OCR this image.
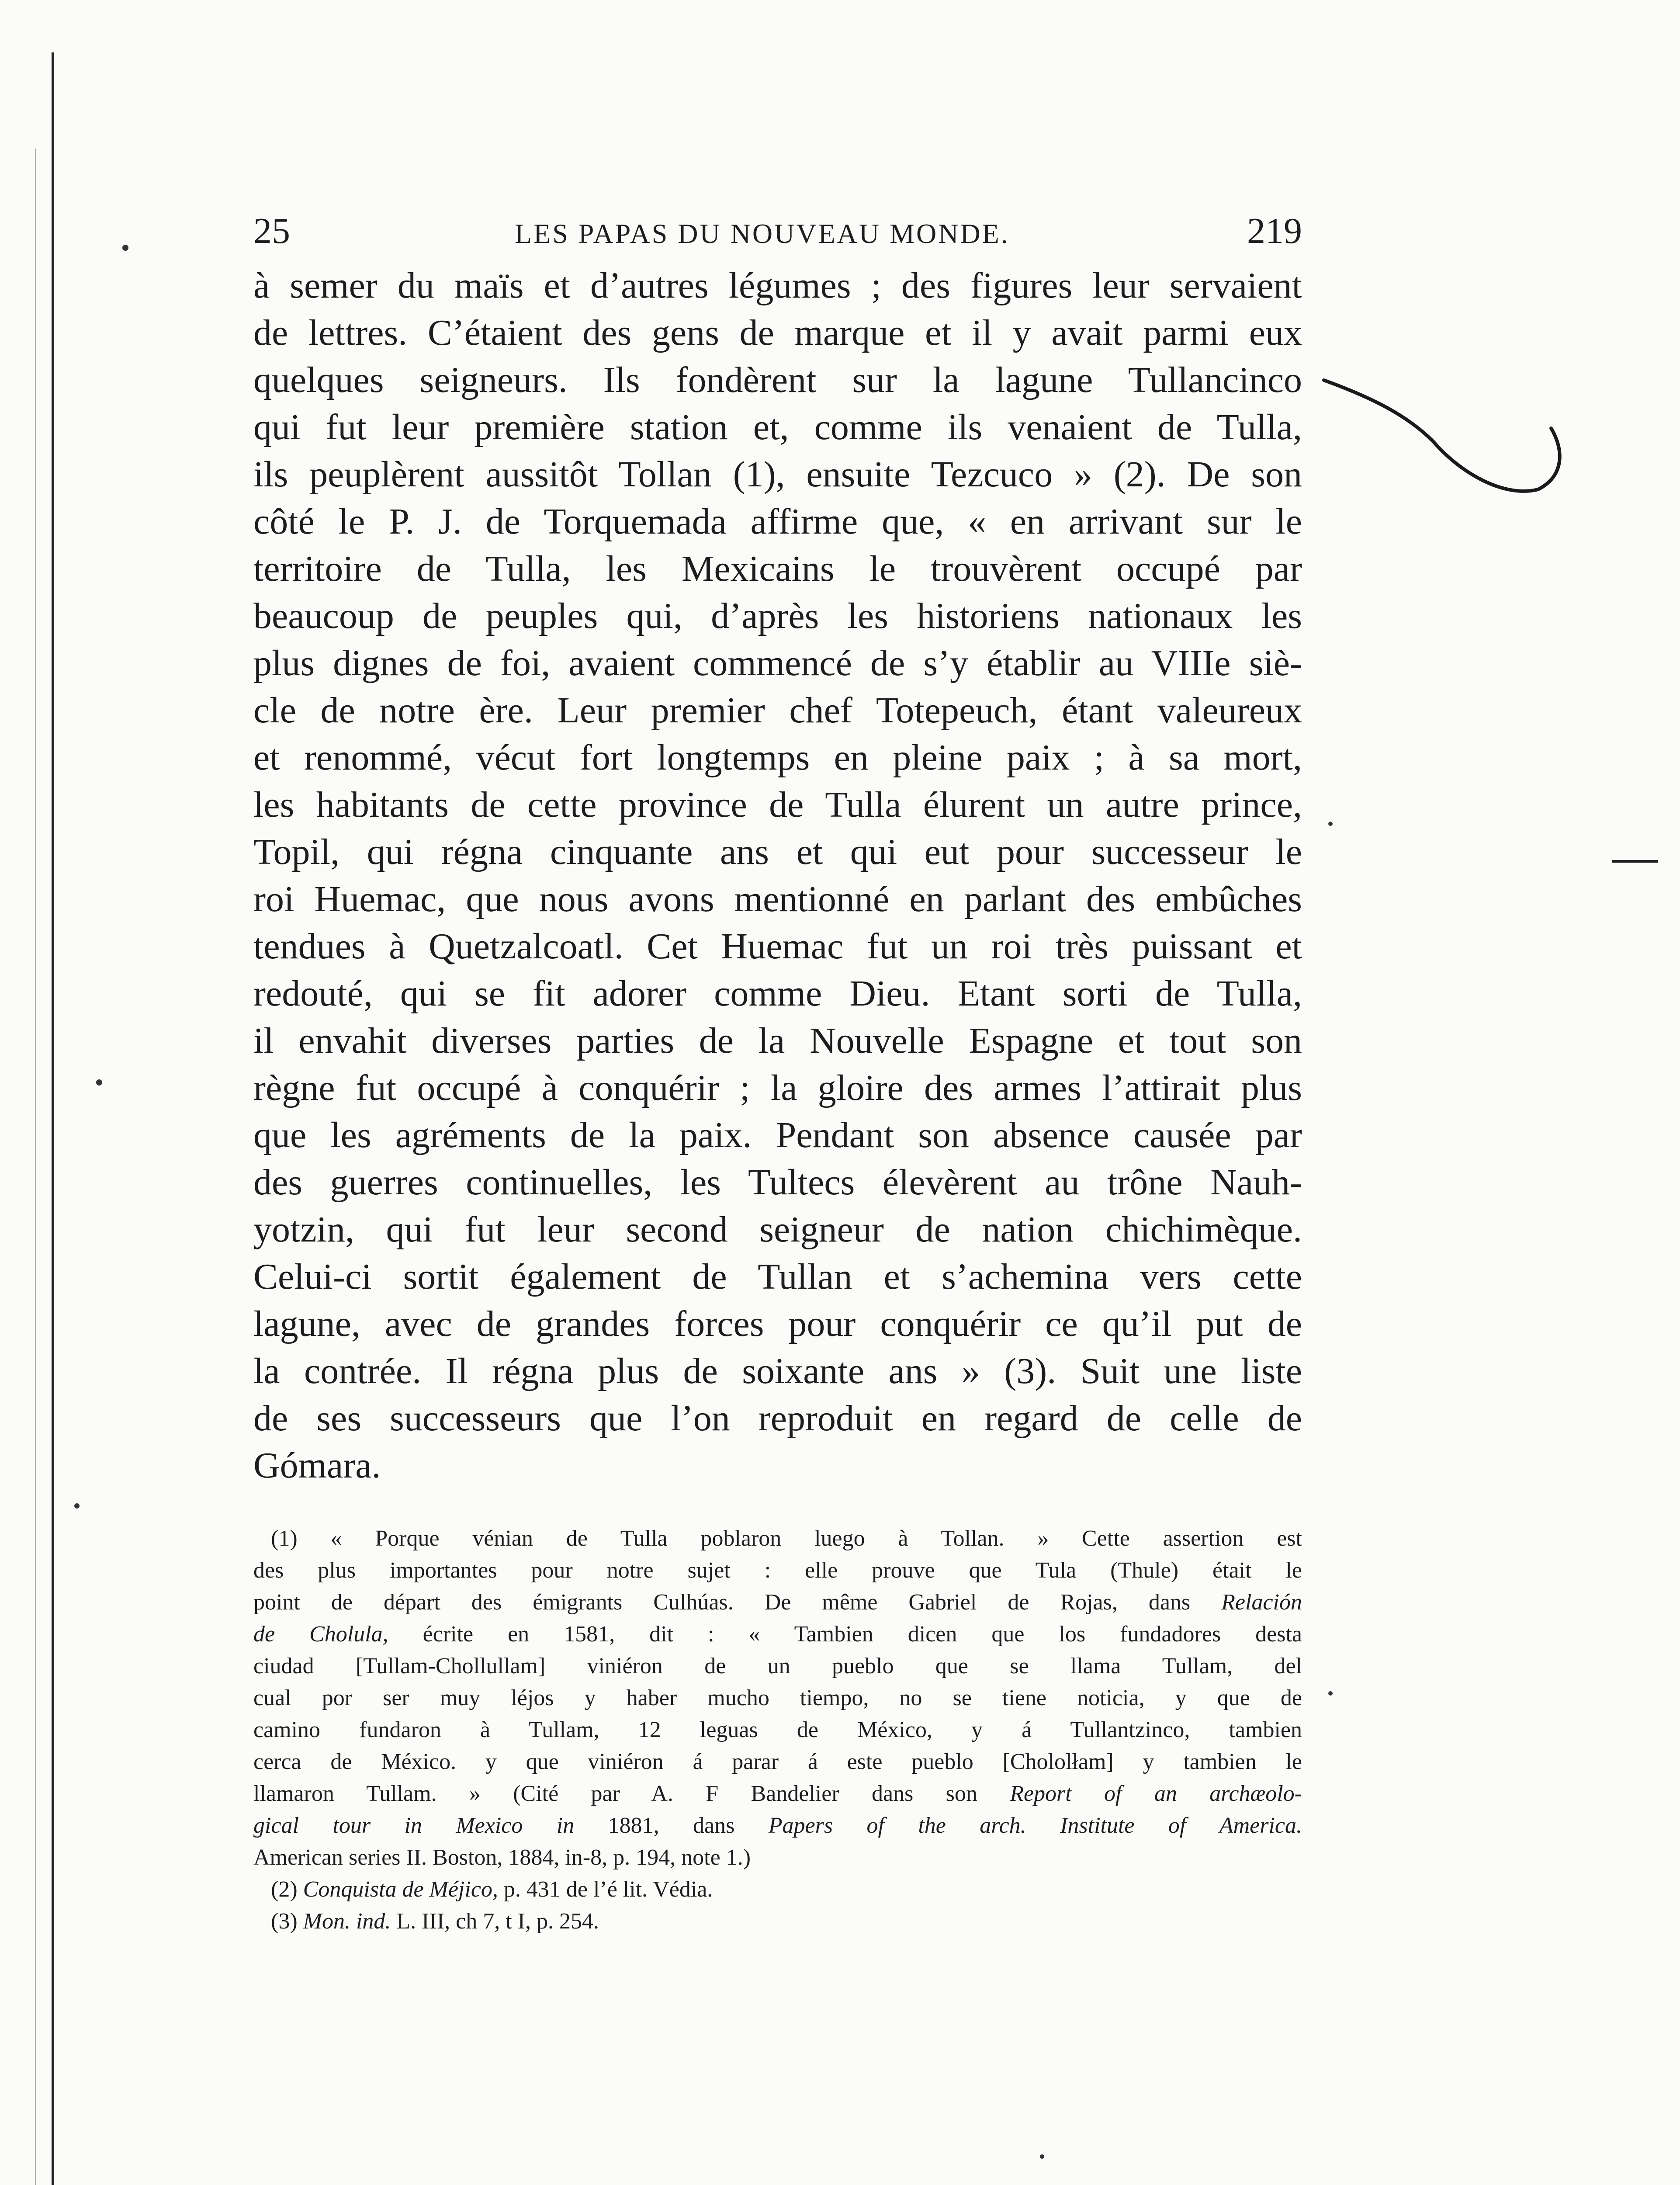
25	LES PAPAS DU NOUVEAU MONDE.	219

à semer du maïs et d’autres légumes ; des figures leur servaient

de lettres. C’étaient des gens de marque et il y avait parmi eux

quelques seigneurs. Ils fondèrent sur la lagune Tullancinco

qui fut leur première station et, comme ils venaient de Tulla,

ils peuplèrent aussitôt Tollan (1), ensuite Tezcuco » (2). De son

côté le P. J. de Torquemada affirme que, « en arrivant sur le

territoire de Tulla, les Mexicains le trouvèrent occupé par

beaucoup de peuples qui, d’après les historiens nationaux les

plus dignes de foi, avaient commencé de s’y établir au VIIIe siè-

cle de notre ère. Leur premier chef Totepeuch, étant valeureux

et renommé, vécut fort longtemps en pleine paix ; à sa mort,

les habitants de cette province de Tulla élurent un autre prince,

Topil, qui régna cinquante ans et qui eut pour successeur le

roi Huemac, que nous avons mentionné en parlant des embûches

tendues à Quetzalcoatl. Cet Huemac fut un roi très puissant et

redouté, qui se fit adorer comme Dieu. Etant sorti de Tulla,

il envahit diverses parties de la Nouvelle Espagne et tout son

règne fut occupé à conquérir ; la gloire des armes l’attirait plus

que les agréments de la paix. Pendant son absence causée par

des guerres continuelles, les Tultecs élevèrent au trône Nauh-

yotzin, qui fut leur second seigneur de nation chichimèque.

Celui-ci sortit également de Tullan et s’achemina vers cette

lagune, avec de grandes forces pour conquérir ce qu’il put de

la contrée. Il régna plus de soixante ans » (3). Suit une liste

de ses successeurs que l’on reproduit en regard de celle de

Gómara.

(1) « Porque vénian de Tulla poblaron luego à Tollan. » Cette assertion est

des plus importantes pour notre sujet : elle prouve que Tula (Thule) était le

point de départ des émigrants Culhúas. De même Gabriel de Rojas, dans Relación

de Cholula, écrite en 1581, dit : « Tambien dicen que los fundadores desta

ciudad [Tullam-Chollullam] viniéron de un pueblo que se llama Tullam, del

cual por ser muy léjos y haber mucho tiempo, no se tiene noticia, y que de

camino fundaron à Tullam, 12 leguas de México, y á Tullantzinco, tambien

cerca de México. y que viniéron á parar á este pueblo [Chololłam] y tambien le

llamaron Tullam. » (Cité par A. F Bandelier dans son Report of an archæolo-

gical tour in Mexico in 1881, dans Papers of the arch. Institute of America.

American series II. Boston, 1884, in-8, p. 194, note 1.)

(2) Conquista de Méjico, p. 431 de l’é lit. Védia.

(3) Mon. ind. L. III, ch 7, t I, p. 254.
